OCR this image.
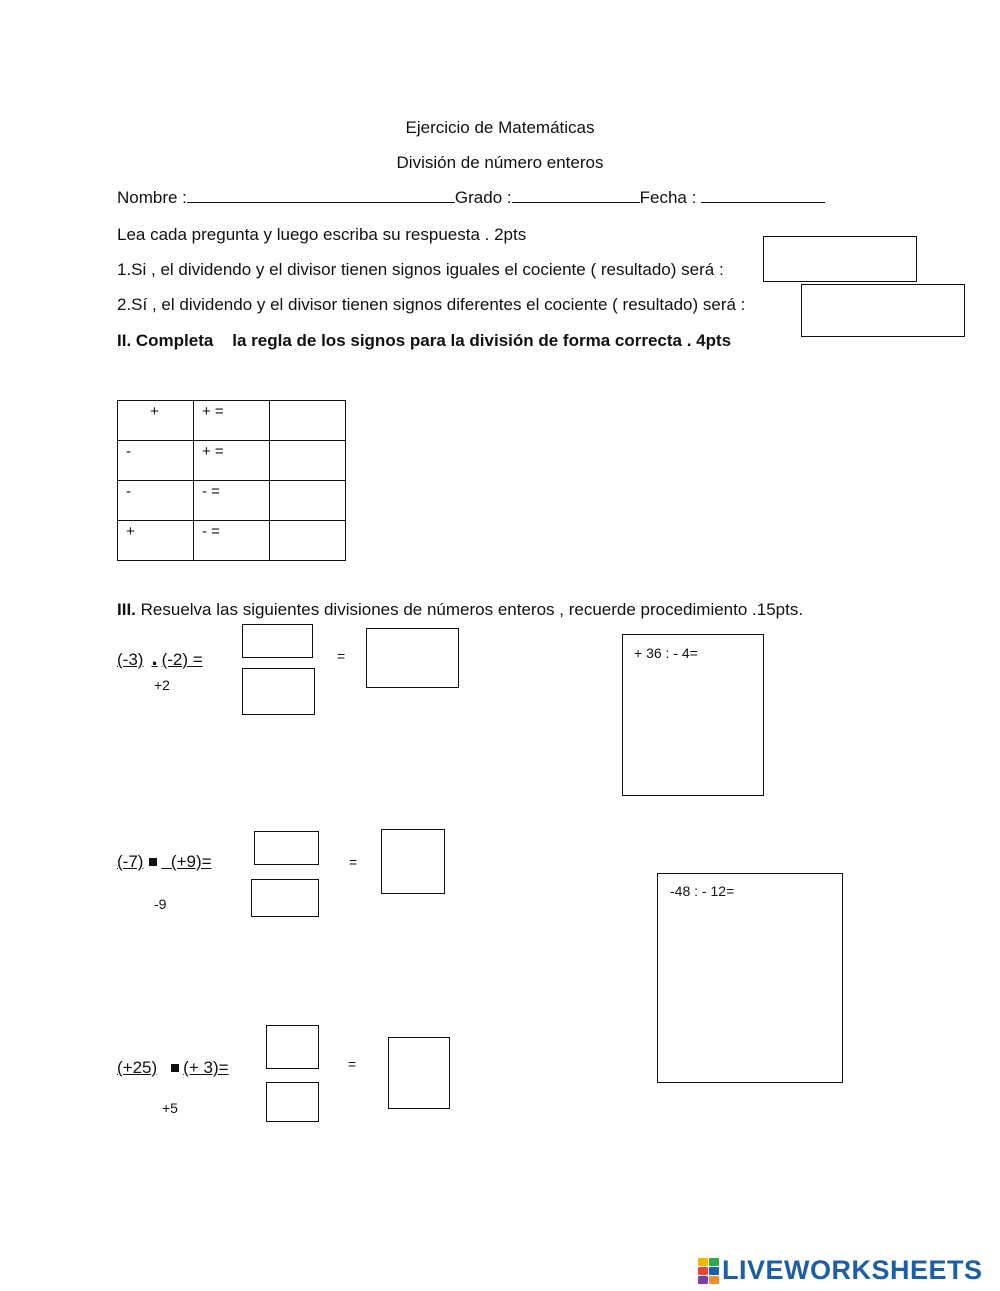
Ejercicio de Matemáticas
División de número enteros
Nombre :	Grado :	Fecha :
Lea cada pregunta y luego escriba su respuesta . 2pts
1.Si , el dividendo y el divisor tienen signos iguales el cociente ( resultado) será :
2.Sí , el dividendo y el divisor tienen signos diferentes el cociente ( resultado) será :
II. Completa la regla de los signos para la división de forma correcta . 4pts
+	+ =	
-	+ =	
-	- =	
+	- =	
III. Resuelva las siguientes divisiones de números enteros , recuerde procedimiento .15pts.
(-3) . (-2) =
+2
=	+ 36 : - 4=
(-7) (+9)=
-9
=
-48 : - 12=
(+25) (+ 3)=
+5
=
LIVEWORKSHEETS
